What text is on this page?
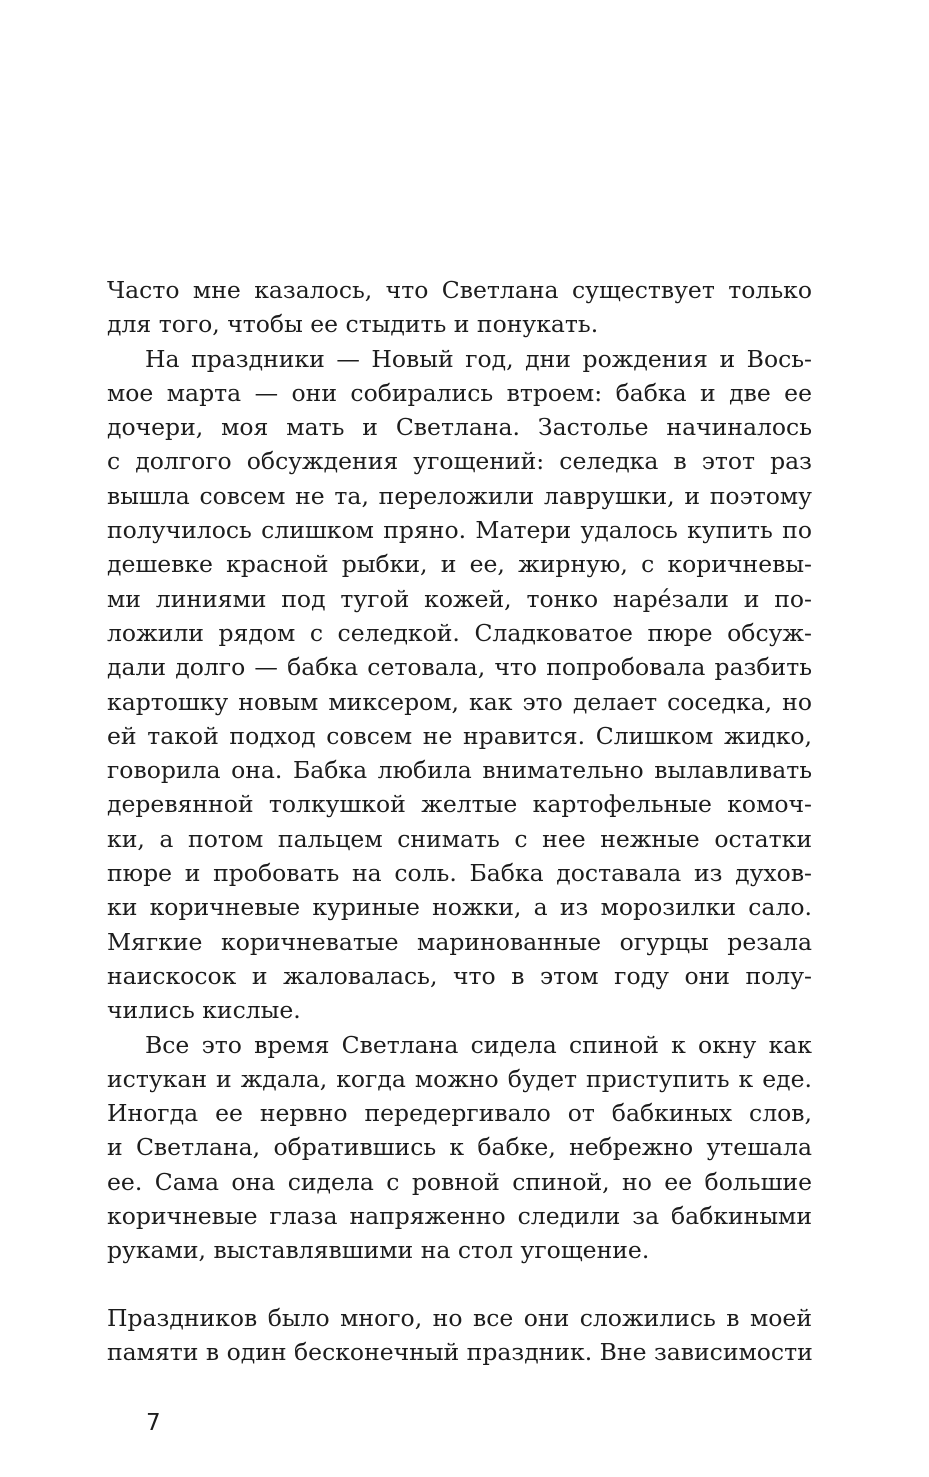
Часто мне казалось, что Светлана существует только
для того, чтобы ее стыдить и понукать.

На праздники — Новый год, дни рождения и Вось-
мое марта — они собирались втроем: бабка и две ее
дочери, моя мать и Светлана. Застолье начиналось
с долгого обсуждения угощений: селедка в этот раз
вышла совсем не та, переложили лаврушки, и поэтому
получилось слишком пряно. Матери удалось купить по
дешевке красной рыбки, и ее, жирную, с коричневы-
ми линиями под тугой кожей, тонко нарéзали и по-
ложили рядом с селедкой. Сладковатое пюре обсуж-
дали долго — бабка сетовала, что попробовала разбить
картошку новым миксером, как это делает соседка, но
ей такой подход совсем не нравится. Слишком жидко,
говорила она. Бабка любила внимательно вылавливать
деревянной толкушкой желтые картофельные комоч-
ки, а потом пальцем снимать с нее нежные остатки
пюре и пробовать на соль. Бабка доставала из духов-
ки коричневые куриные ножки, а из морозилки сало.
Мягкие коричневатые маринованные огурцы резала
наискосок и жаловалась, что в этом году они полу-
чились кислые.

Все это время Светлана сидела спиной к окну как
истукан и ждала, когда можно будет приступить к еде.
Иногда ее нервно передергивало от бабкиных слов,
и Светлана, обратившись к бабке, небрежно утешала
ее. Сама она сидела с ровной спиной, но ее большие
коричневые глаза напряженно следили за бабкиными
руками, выставлявшими на стол угощение.

Праздников было много, но все они сложились в моей
памяти в один бесконечный праздник. Вне зависимости

7
